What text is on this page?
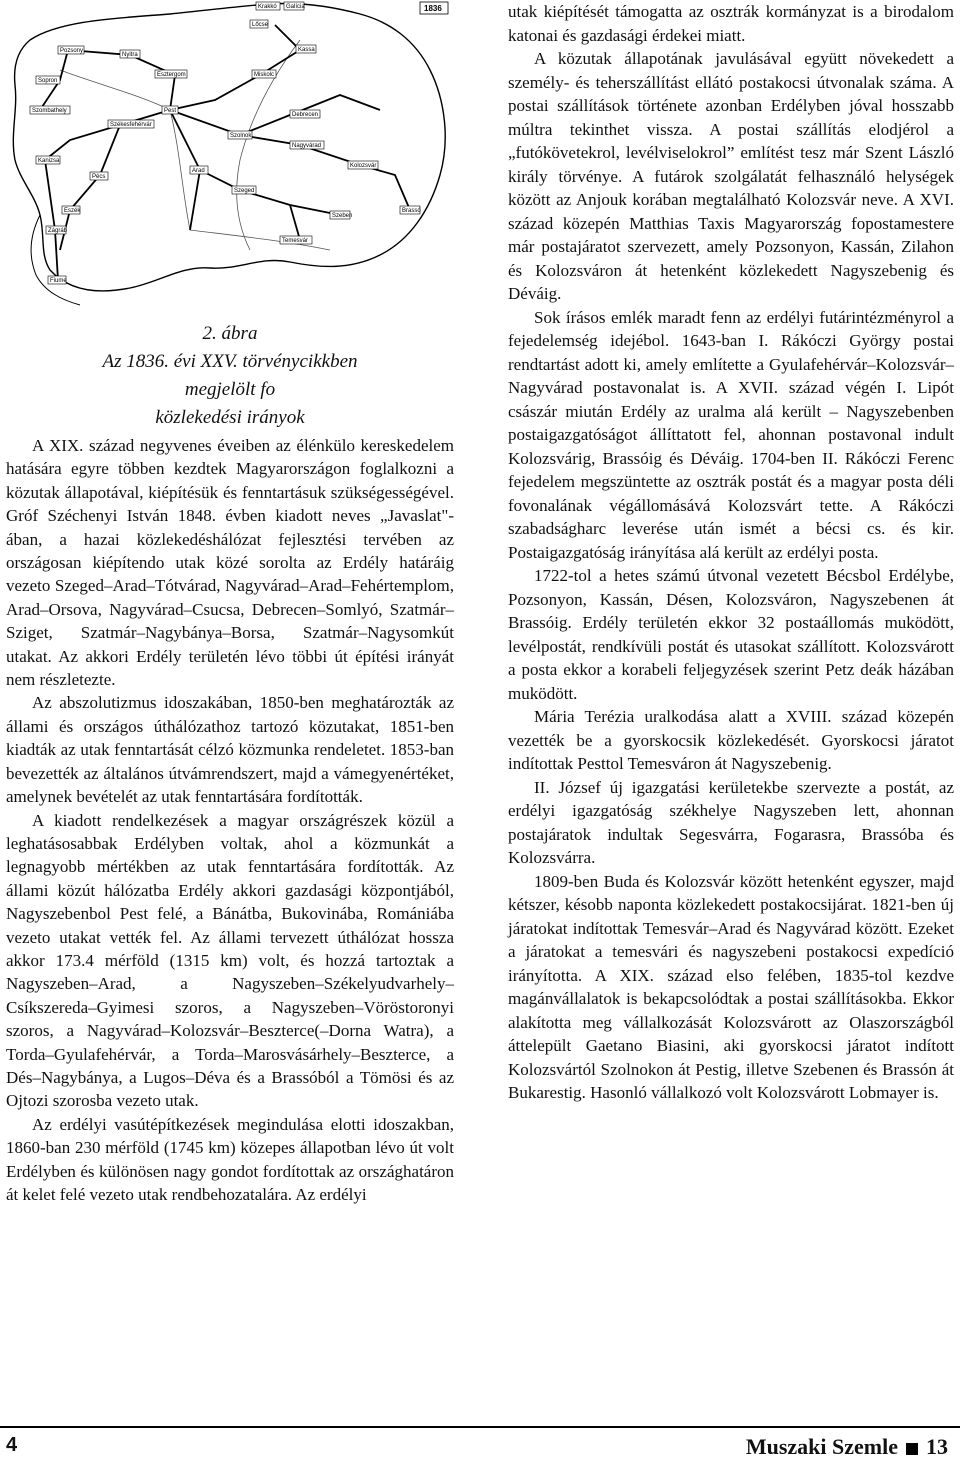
Krakkó Galícia
Kassa
Lőcse
Pozsony
Nyitra
Pest
Esztergom	Miskolc
Szolnok
Szeged
Debrecen
Nagyvárad
Kolozsvár
Sopron
Szombathely
Székesfehérvár
Kanizsa
Pécs
Eszék
Zágráb
Fiume
Szeben
Brassó
Temesvár
Arad
1836
2. ábra
Az 1836. évi XXV. törvénycikkben megjelölt fo
közlekedési irányok

A XIX. század negyvenes éveiben az élénkülo kereskedelem hatására egyre többen kezdtek Magyarországon foglalkozni a közutak állapotával, kiépítésük és fenntartásuk szükségességével. Gróf Széchenyi István 1848. évben kiadott neves „Javaslat"-ában, a hazai közlekedéshálózat fejlesztési tervében az országosan kiépítendo utak közé sorolta az Erdély határáig vezeto Szeged–Arad–Tótvárad, Nagyvárad–Arad–Fehértemplom, Arad–Orsova, Nagyvárad–Csucsa, Debrecen–Somlyó, Szatmár–Sziget, Szatmár–Nagybánya–Borsa, Szatmár–Nagysomkút utakat. Az akkori Erdély területén lévo többi út építési irányát nem részletezte.

Az abszolutizmus idoszakában, 1850-ben meghatározták az állami és országos úthálózathoz tartozó közutakat, 1851-ben kiadták az utak fenntartását célzó közmunka rendeletet. 1853-ban bevezették az általános útvámrendszert, majd a vámegyenértéket, amelynek bevételét az utak fenntartására fordították.

A kiadott rendelkezések a magyar országrészek közül a leghatásosabbak Erdélyben voltak, ahol a közmunkát a legnagyobb mértékben az utak fenntartására fordították. Az állami közút hálózatba Erdély akkori gazdasági központjából, Nagyszebenbol Pest felé, a Bánátba, Bukovinába, Romániába vezeto utakat vették fel. Az állami tervezett úthálózat hossza akkor 173.4 mérföld (1315 km) volt, és hozzá tartoztak a Nagyszeben–Arad, a Nagyszeben–Székelyudvarhely–Csíkszereda–Gyimesi szoros, a Nagyszeben–Vöröstoronyi szoros, a Nagyvárad–Kolozsvár–Beszterce(–Dorna Watra), a Torda–Gyulafehérvár, a Torda–Marosvásárhely–Beszterce, a Dés–Nagybánya, a Lugos–Déva és a Brassóból a Tömösi és az Ojtozi szorosba vezeto utak.

Az erdélyi vasútépítkezések megindulása elotti idoszakban, 1860-ban 230 mérföld (1745 km) közepes állapotban lévo út volt Erdélyben és különösen nagy gondot fordítottak az országhatáron át kelet felé vezeto utak rendbehozatalára. Az erdélyi

utak kiépítését támogatta az osztrák kormányzat is a birodalom katonai és gazdasági érdekei miatt.

A közutak állapotának javulásával együtt növekedett a személy- és teherszállítást ellátó postakocsi útvonalak száma. A postai szállítások története azonban Erdélyben jóval hosszabb múltra tekinthet vissza. A postai szállítás elodjérol a „futókövetekrol, levélviselokrol” említést tesz már Szent László király törvénye. A futárok szolgálatát felhasználó helységek között az Anjouk korában megtalálható Kolozsvár neve. A XVI. század közepén Matthias Taxis Magyarország fopostamestere már postajáratot szervezett, amely Pozsonyon, Kassán, Zilahon és Kolozsváron át hetenként közlekedett Nagyszebenig és Déváig.

Sok írásos emlék maradt fenn az erdélyi futárintézményrol a fejedelemség idejébol. 1643-ban I. Rákóczi György postai rendtartást adott ki, amely említette a Gyulafehérvár–Kolozsvár–Nagyvárad postavonalat is. A XVII. század végén I. Lipót császár miután Erdély az uralma alá került – Nagyszebenben postaigazgatóságot állíttatott fel, ahonnan postavonal indult Kolozsvárig, Brassóig és Déváig. 1704-ben II. Rákóczi Ferenc fejedelem megszüntette az osztrák postát és a magyar posta déli fovonalának végállomásává Kolozsvárt tette. A Rákóczi szabadságharc leverése után ismét a bécsi cs. és kir. Postaigazgatóság irányítása alá került az erdélyi posta.

1722-tol a hetes számú útvonal vezetett Bécsbol Erdélybe, Pozsonyon, Kassán, Désen, Kolozsváron, Nagyszebenen át Brassóig. Erdély területén ekkor 32 postaállomás muködött, levélpostát, rendkívüli postát és utasokat szállított. Kolozsvárott a posta ekkor a korabeli feljegyzések szerint Petz deák házában muködött.

Mária Terézia uralkodása alatt a XVIII. század közepén vezették be a gyorskocsik közlekedését. Gyorskocsi járatot indítottak Pesttol Temesváron át Nagyszebenig.

II. József új igazgatási kerületekbe szervezte a postát, az erdélyi igazgatóság székhelye Nagyszeben lett, ahonnan postajáratok indultak Segesvárra, Fogarasra, Brassóba és Kolozsvárra.

1809-ben Buda és Kolozsvár között hetenként egyszer, majd kétszer, késobb naponta közlekedett postakocsijárat. 1821-ben új járatokat indítottak Temesvár–Arad és Nagyvárad között. Ezeket a járatokat a temesvári és nagyszebeni postakocsi expedíció irányította. A XIX. század elso felében, 1835-tol kezdve magánvállalatok is bekapcsolódtak a postai szállításokba. Ekkor alakította meg vállalkozását Kolozsvárott az Olaszországból áttelepült Gaetano Biasini, aki gyorskocsi járatot indított Kolozsvártól Szolnokon át Pestig, illetve Szebenen és Brassón át Bukarestig. Hasonló vállalkozó volt Kolozsvárott Lobmayer is.

4	Muszaki Szemle 13
